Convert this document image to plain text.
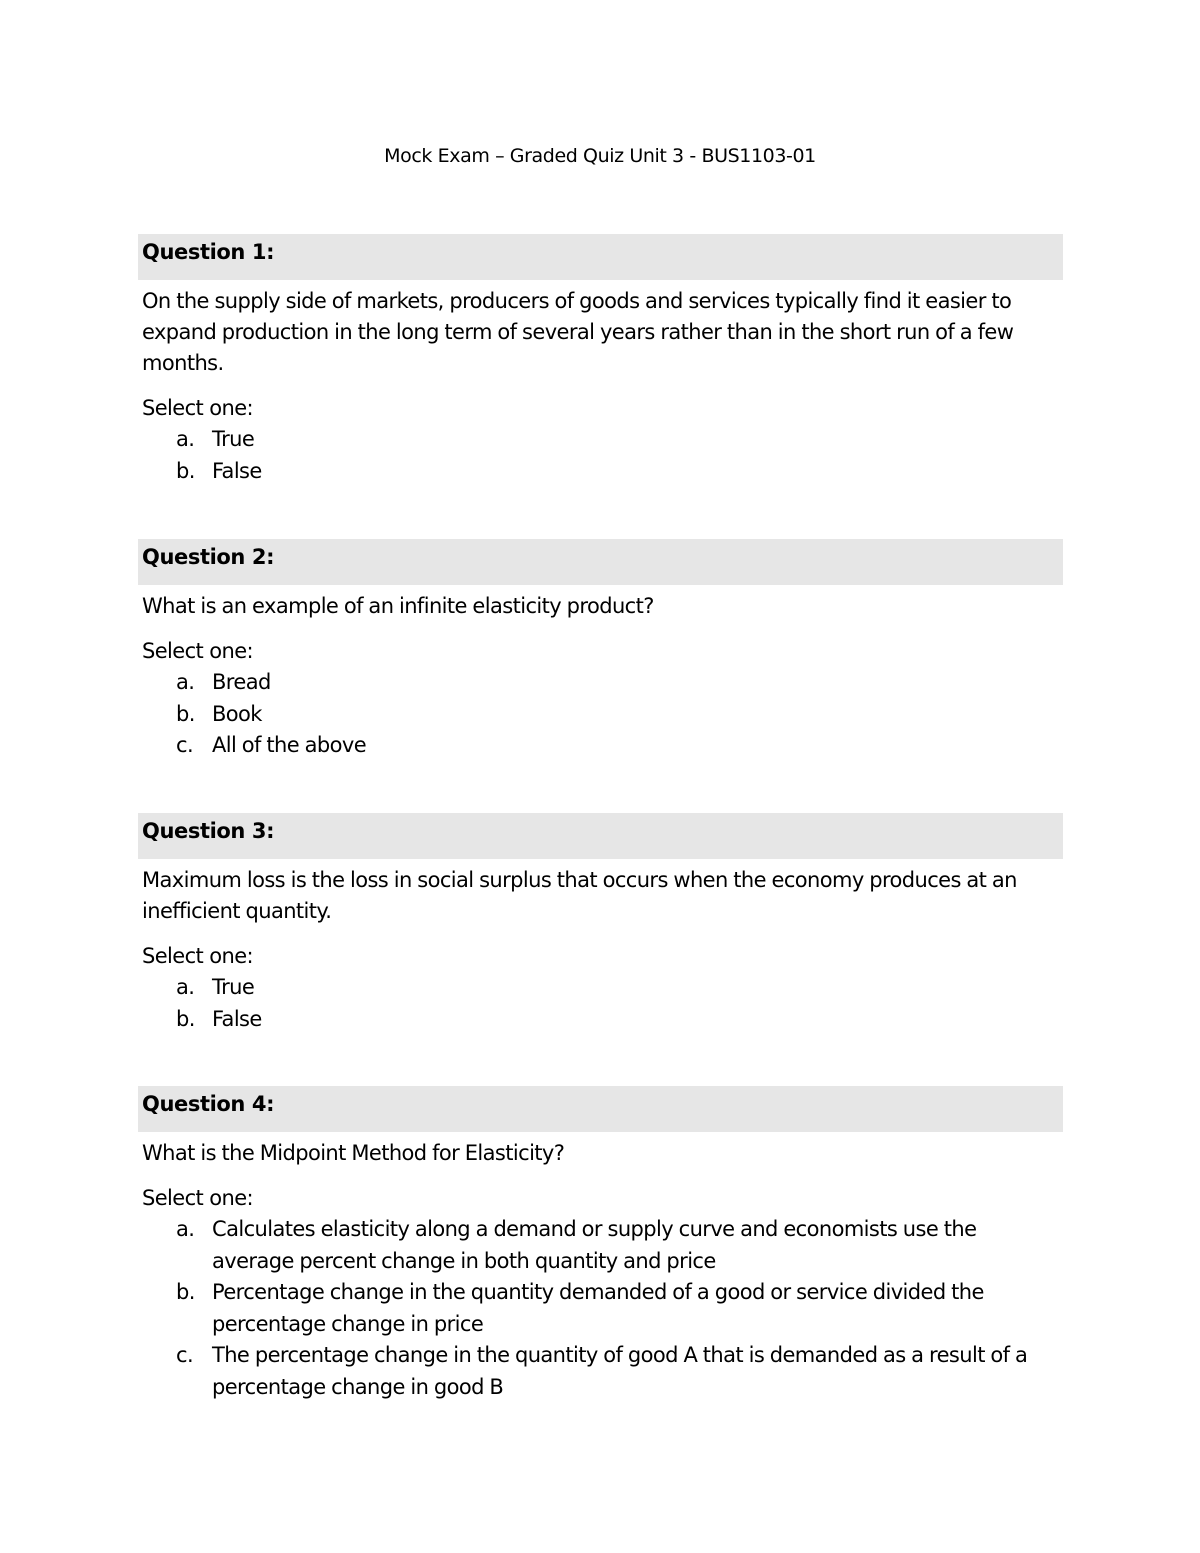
Mock Exam – Graded Quiz Unit 3 - BUS1103-01
Question 1:
On the supply side of markets, producers of goods and services typically find it easier to expand production in the long term of several years rather than in the short run of a few months.
Select one:
a. True
b. False
Question 2:
What is an example of an infinite elasticity product?
Select one:
a. Bread
b. Book
c. All of the above
Question 3:
Maximum loss is the loss in social surplus that occurs when the economy produces at an inefficient quantity.
Select one:
a. True
b. False
Question 4:
What is the Midpoint Method for Elasticity?
Select one:
a. Calculates elasticity along a demand or supply curve and economists use the average percent change in both quantity and price
b. Percentage change in the quantity demanded of a good or service divided the percentage change in price
c. The percentage change in the quantity of good A that is demanded as a result of a percentage change in good B
